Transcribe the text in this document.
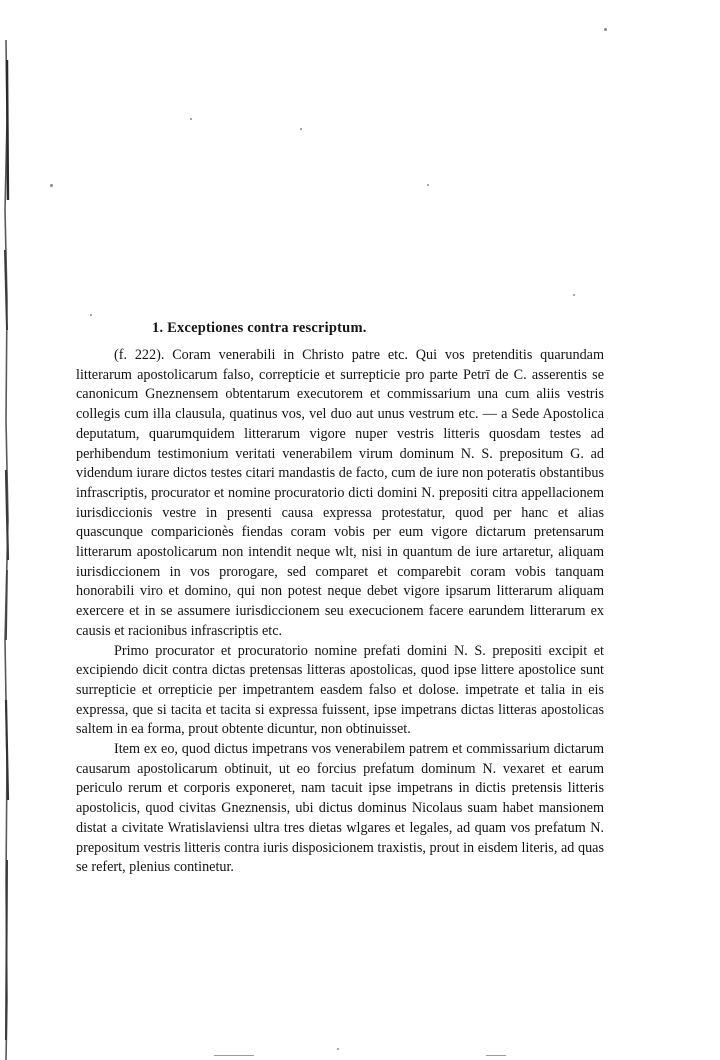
1. Exceptiones contra rescriptum.

(f. 222). Coram venerabili in Christo patre etc. Qui vos pretenditis quarundam litterarum apostolicarum falso, correpticie et surrepticie pro parte Petrī de C. asserentis se canonicum Gneznensem obtentarum executorem et commissarium una cum aliis vestris collegis cum illa clausula, quatinus vos, vel duo aut unus vestrum etc. — a Sede Apostolica deputatum, quarumquidem litterarum vigore nuper vestris litteris quosdam testes ad perhibendum testimonium veritati venerabilem virum dominum N. S. prepositum G. ad videndum iurare dictos testes citari mandastis de facto, cum de iure non poteratis obstantibus infrascriptis, procurator et nomine procuratorio dicti domini N. prepositi citra appellacionem iurisdiccionis vestre in presenti causa expressa protestatur, quod per hanc et alias quascunque comparicionès fiendas coram vobis per eum vigore dictarum pretensarum litterarum apostolicarum non intendit neque wlt, nisi in quantum de iure artaretur, aliquam iurisdiccionem in vos prorogare, sed comparet et comparebit coram vobis tanquam honorabili viro et domino, qui non potest neque debet vigore ipsarum litterarum aliquam exercere et in se assumere iurisdiccionem seu execucionem facere earundem litterarum ex causis et racionibus infrascriptis etc.

Primo procurator et procuratorio nomine prefati domini N. S. prepositi excipit et excipiendo dicit contra dictas pretensas litteras apostolicas, quod ipse littere apostolice sunt surrepticie et orrepticie per impetrantem easdem falso et dolose. impetrate et talia in eis expressa, que si tacita et tacita si expressa fuissent, ipse impetrans dictas litteras apostolicas saltem in ea forma, prout obtente dicuntur, non obtinuisset.

Item ex eo, quod dictus impetrans vos venerabilem patrem et commissarium dictarum causarum apostolicarum obtinuit, ut eo forcius prefatum dominum N. vexaret et earum periculo rerum et corporis exponeret, nam tacuit ipse impetrans in dictis pretensis litteris apostolicis, quod civitas Gneznensis, ubi dictus dominus Nicolaus suam habet mansionem distat a civitate Wratislaviensi ultra tres dietas wlgares et legales, ad quam vos prefatum N. prepositum vestris litteris contra iuris disposicionem traxistis, prout in eisdem literis, ad quas se refert, plenius continetur.
